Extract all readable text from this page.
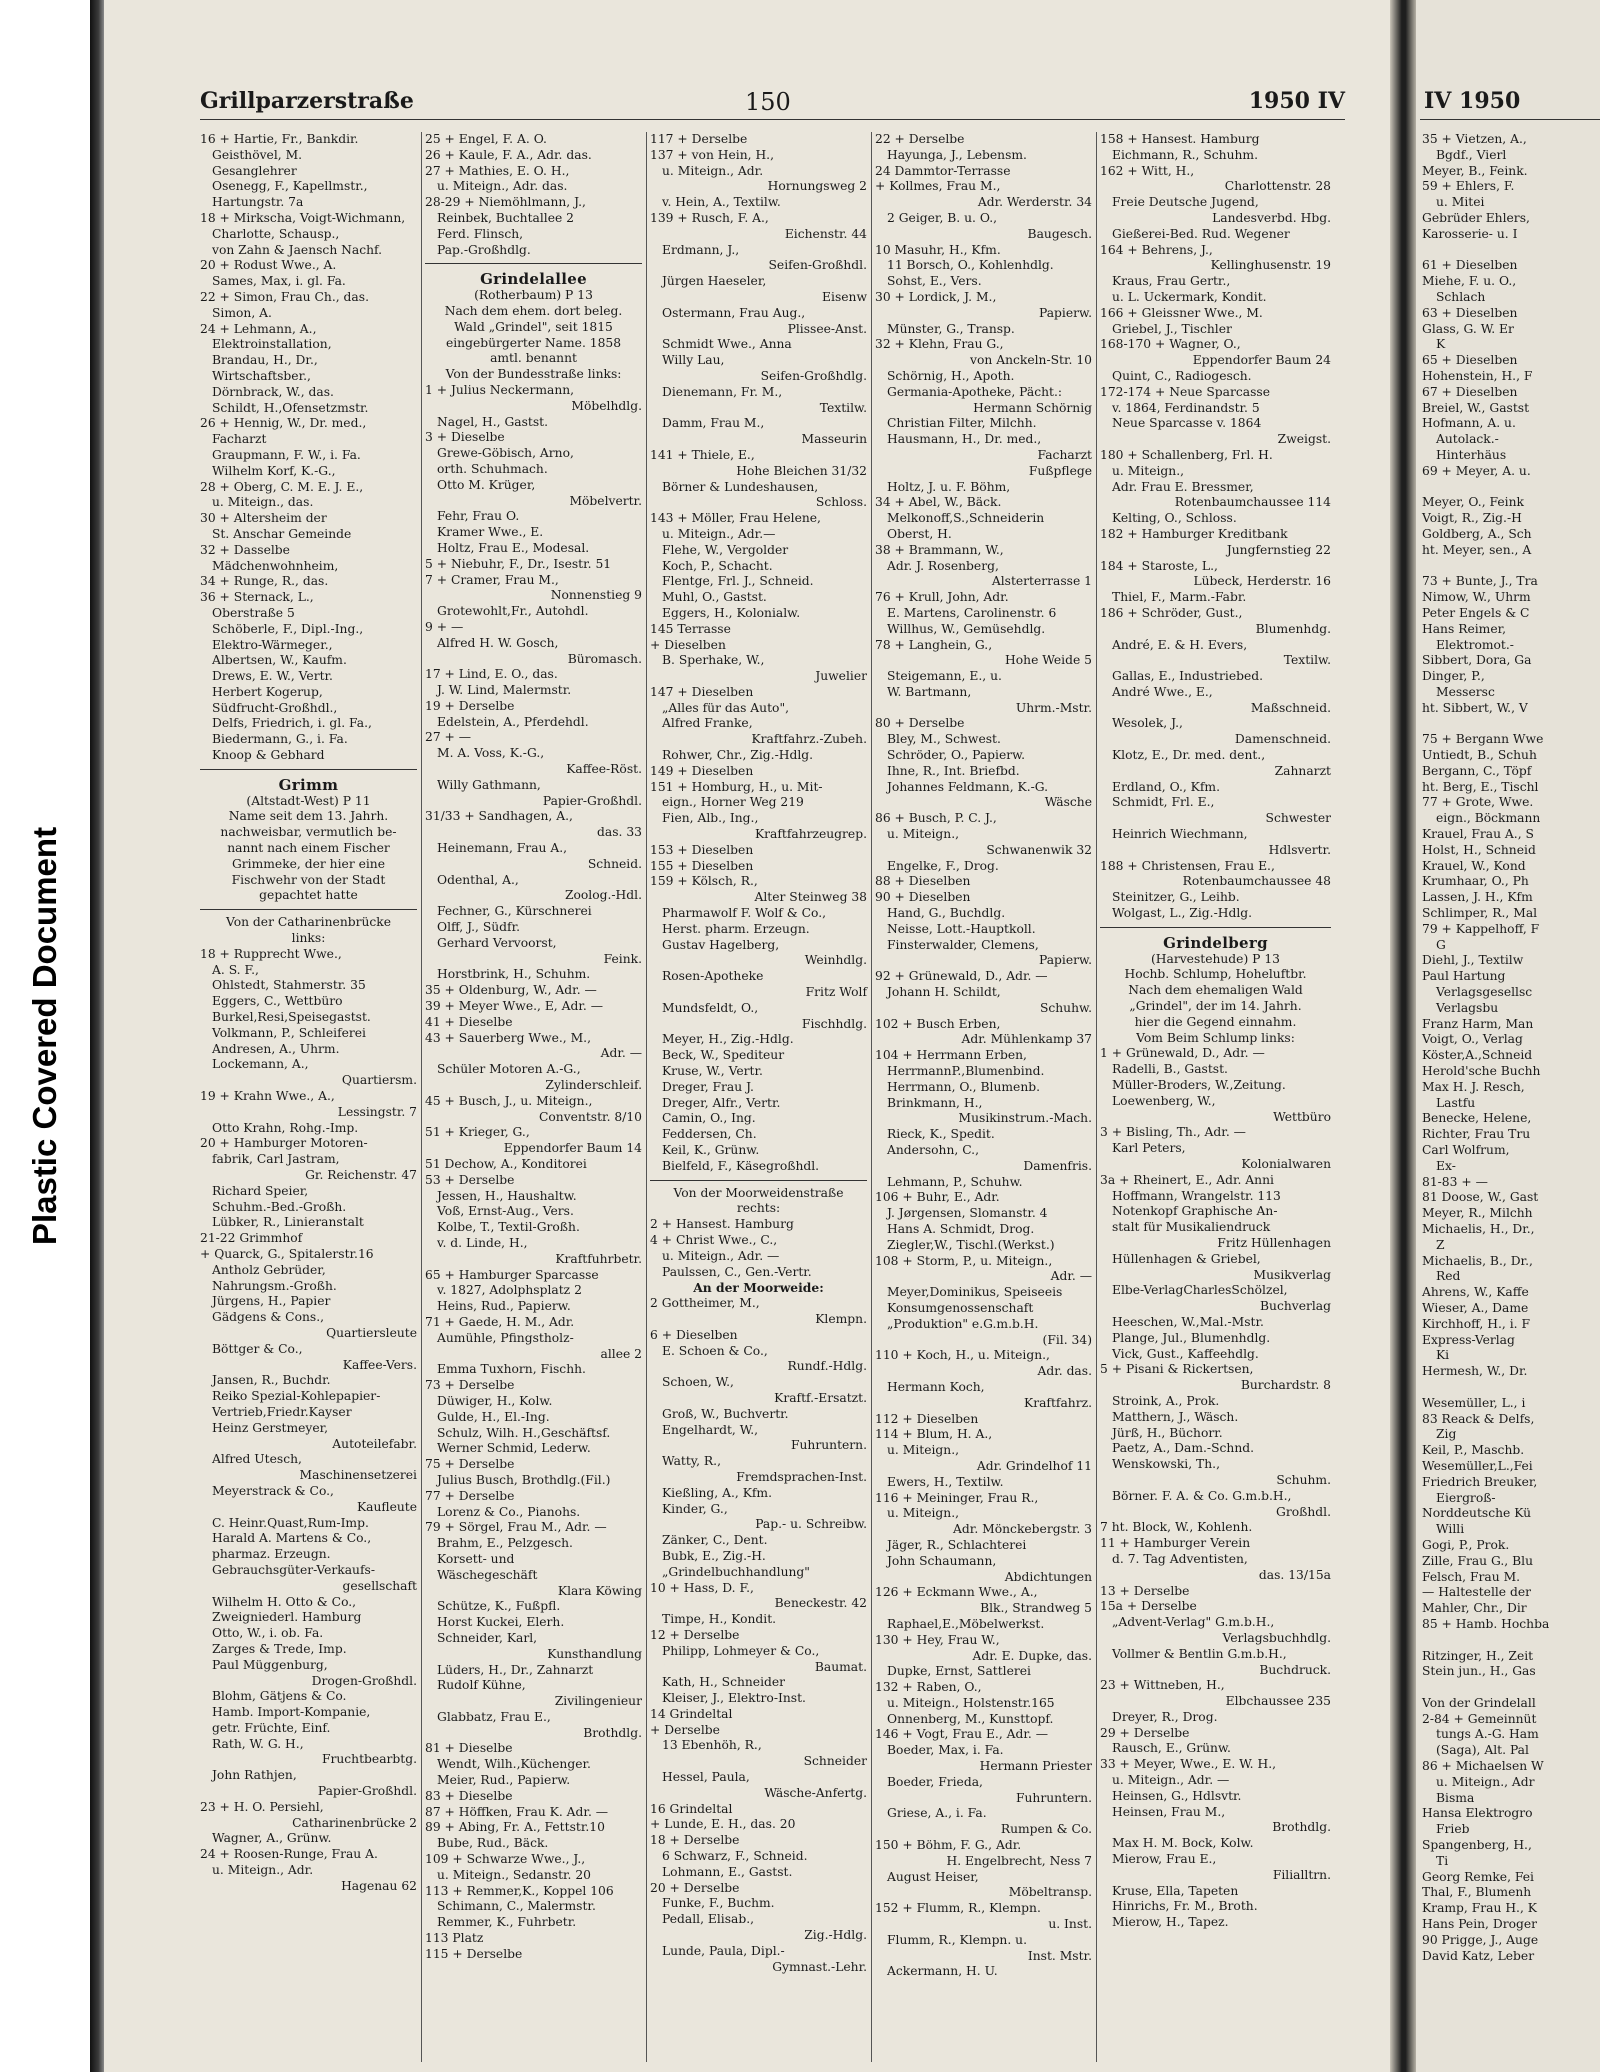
Plastic Covered Document
Grillparzerstraße	150	1950 IV
16 + Hartie, Fr., Bankdir.
Geisthövel, M.
Gesanglehrer
Osenegg, F., Kapellmstr.,
Hartungstr. 7a
18 + Mirkscha, Voigt-Wichmann,
Charlotte, Schausp.,
von Zahn & Jaensch Nachf.
20 + Rodust Wwe., A.
Sames, Max, i. gl. Fa.
22 + Simon, Frau Ch., das.
Simon, A.
24 + Lehmann, A.,
Elektroinstallation,
Brandau, H., Dr.,
Wirtschaftsber.,
Dörnbrack, W., das.
Schildt, H.,Ofensetzmstr.
26 + Hennig, W., Dr. med.,
Facharzt
Graupmann, F. W., i. Fa.
Wilhelm Korf, K.-G.,
28 + Oberg, C. M. E. J. E.,
u. Miteign., das.
30 + Altersheim der
St. Anschar Gemeinde
32 + Dasselbe
Mädchenwohnheim,
34 + Runge, R., das.
36 + Sternack, L.,
Oberstraße 5
Schöberle, F., Dipl.-Ing.,
Elektro-Wärmeger.,
Albertsen, W., Kaufm.
Drews, E. W., Vertr.
Herbert Kogerup,
Südfrucht-Großhdl.,
Delfs, Friedrich, i. gl. Fa.,
Biedermann, G., i. Fa.
Knoop & Gebhard
Grimm
(Altstadt-West) P 11
Name seit dem 13. Jahrh.
nachweisbar, vermutlich be-
nannt nach einem Fischer
Grimmeke, der hier eine
Fischwehr von der Stadt
gepachtet hatte
Von der Catharinenbrücke
links:
18 + Rupprecht Wwe.,
A. S. F.,
Ohlstedt, Stahmerstr. 35
Eggers, C., Wettbüro
Burkel,Resi,Speisegastst.
Volkmann, P., Schleiferei
Andresen, A., Uhrm.
Lockemann, A.,
Quartiersm.
19 + Krahn Wwe., A.,
Lessingstr. 7
Otto Krahn, Rohg.-Imp.
20 + Hamburger Motoren-
fabrik, Carl Jastram,
Gr. Reichenstr. 47
Richard Speier,
Schuhm.-Bed.-Großh.
Lübker, R., Linieranstalt
21-22 Grimmhof
+ Quarck, G., Spitalerstr.16
Antholz Gebrüder,
Nahrungsm.-Großh.
Jürgens, H., Papier
Gädgens & Cons.,
Quartiersleute
Böttger & Co.,
Kaffee-Vers.
Jansen, R., Buchdr.
Reiko Spezial-Kohlepapier-
Vertrieb,Friedr.Kayser
Heinz Gerstmeyer,
Autoteilefabr.
Alfred Utesch,
Maschinensetzerei
Meyerstrack & Co.,
Kaufleute
C. Heinr.Quast,Rum-Imp.
Harald A. Martens & Co.,
pharmaz. Erzeugn.
Gebrauchsgüter-Verkaufs-
gesellschaft
Wilhelm H. Otto & Co.,
Zweigniederl. Hamburg
Otto, W., i. ob. Fa.
Zarges & Trede, Imp.
Paul Müggenburg,
Drogen-Großhdl.
Blohm, Gätjens & Co.
Hamb. Import-Kompanie,
getr. Früchte, Einf.
Rath, W. G. H.,
Fruchtbearbtg.
John Rathjen,
Papier-Großhdl.
23 + H. O. Persiehl,
Catharinenbrücke 2
Wagner, A., Grünw.
24 + Roosen-Runge, Frau A.
u. Miteign., Adr.
Hagenau 62
25 + Engel, F. A. O.
26 + Kaule, F. A., Adr. das.
27 + Mathies, E. O. H.,
u. Miteign., Adr. das.
28-29 + Niemöhlmann, J.,
Reinbek, Buchtallee 2
Ferd. Flinsch,
Pap.-Großhdlg.
Grindelallee
(Rotherbaum) P 13
Nach dem ehem. dort beleg.
Wald „Grindel", seit 1815
eingebürgerter Name. 1858
amtl. benannt
Von der Bundesstraße links:
1 + Julius Neckermann,
Möbelhdlg.
Nagel, H., Gastst.
3 + Dieselbe
Grewe-Göbisch, Arno,
orth. Schuhmach.
Otto M. Krüger,
Möbelvertr.
Fehr, Frau O.
Kramer Wwe., E.
Holtz, Frau E., Modesal.
5 + Niebuhr, F., Dr., Isestr. 51
7 + Cramer, Frau M.,
Nonnenstieg 9
Grotewohlt,Fr., Autohdl.
9 + —
Alfred H. W. Gosch,
Büromasch.
17 + Lind, E. O., das.
J. W. Lind, Malermstr.
19 + Derselbe
Edelstein, A., Pferdehdl.
27 + —
M. A. Voss, K.-G.,
Kaffee-Röst.
Willy Gathmann,
Papier-Großhdl.
31/33 + Sandhagen, A.,
das. 33
Heinemann, Frau A.,
Schneid.
Odenthal, A.,
Zoolog.-Hdl.
Fechner, G., Kürschnerei
Olff, J., Südfr.
Gerhard Vervoorst,
Feink.
Horstbrink, H., Schuhm.
35 + Oldenburg, W., Adr. —
39 + Meyer Wwe., E, Adr. —
41 + Dieselbe
43 + Sauerberg Wwe., M.,
Adr. —
Schüler Motoren A.-G.,
Zylinderschleif.
45 + Busch, J., u. Miteign.,
Conventstr. 8/10
51 + Krieger, G.,
Eppendorfer Baum 14
51 Dechow, A., Konditorei
53 + Derselbe
Jessen, H., Haushaltw.
Voß, Ernst-Aug., Vers.
Kolbe, T., Textil-Großh.
v. d. Linde, H.,
Kraftfuhrbetr.
65 + Hamburger Sparcasse
v. 1827, Adolphsplatz 2
Heins, Rud., Papierw.
71 + Gaede, H. M., Adr.
Aumühle, Pfingstholz-
allee 2
Emma Tuxhorn, Fischh.
73 + Derselbe
Düwiger, H., Kolw.
Gulde, H., El.-Ing.
Schulz, Wilh. H.,Geschäftsf.
Werner Schmid, Lederw.
75 + Derselbe
Julius Busch, Brothdlg.(Fil.)
77 + Derselbe
Lorenz & Co., Pianohs.
79 + Sörgel, Frau M., Adr. —
Brahm, E., Pelzgesch.
Korsett- und
Wäschegeschäft
Klara Köwing
Schütze, K., Fußpfl.
Horst Kuckei, Elerh.
Schneider, Karl,
Kunsthandlung
Lüders, H., Dr., Zahnarzt
Rudolf Kühne,
Zivilingenieur
Glabbatz, Frau E.,
Brothdlg.
81 + Dieselbe
Wendt, Wilh.,Küchenger.
Meier, Rud., Papierw.
83 + Dieselbe
87 + Höffken, Frau K. Adr. —
89 + Abing, Fr. A., Fettstr.10
Bube, Rud., Bäck.
109 + Schwarze Wwe., J.,
u. Miteign., Sedanstr. 20
113 + Remmer,K., Koppel 106
Schimann, C., Malermstr.
Remmer, K., Fuhrbetr.
113 Platz
115 + Derselbe
117 + Derselbe
137 + von Hein, H.,
u. Miteign., Adr.
Hornungsweg 2
v. Hein, A., Textilw.
139 + Rusch, F. A.,
Eichenstr. 44
Erdmann, J.,
Seifen-Großhdl.
Jürgen Haeseler,
Eisenw
Ostermann, Frau Aug.,
Plissee-Anst.
Schmidt Wwe., Anna
Willy Lau,
Seifen-Großhdlg.
Dienemann, Fr. M.,
Textilw.
Damm, Frau M.,
Masseurin
141 + Thiele, E.,
Hohe Bleichen 31/32
Börner & Lundeshausen,
Schloss.
143 + Möller, Frau Helene,
u. Miteign., Adr.—
Flehe, W., Vergolder
Koch, P., Schacht.
Flentge, Frl. J., Schneid.
Muhl, O., Gastst.
Eggers, H., Kolonialw.
145 Terrasse
+ Dieselben
B. Sperhake, W.,
Juwelier
147 + Dieselben
„Alles für das Auto",
Alfred Franke,
Kraftfahrz.-Zubeh.
Rohwer, Chr., Zig.-Hdlg.
149 + Dieselben
151 + Homburg, H., u. Mit-
eign., Horner Weg 219
Fien, Alb., Ing.,
Kraftfahrzeugrep.
153 + Dieselben
155 + Dieselben
159 + Kölsch, R.,
Alter Steinweg 38
Pharmawolf F. Wolf & Co.,
Herst. pharm. Erzeugn.
Gustav Hagelberg,
Weinhdlg.
Rosen-Apotheke
Fritz Wolf
Mundsfeldt, O.,
Fischhdlg.
Meyer, H., Zig.-Hdlg.
Beck, W., Spediteur
Kruse, W., Vertr.
Dreger, Frau J.
Dreger, Alfr., Vertr.
Camin, O., Ing.
Feddersen, Ch.
Keil, K., Grünw.
Bielfeld, F., Käsegroßhdl.
Von der Moorweidenstraße
rechts:
2 + Hansest. Hamburg
4 + Christ Wwe., C.,
u. Miteign., Adr. —
Paulssen, C., Gen.-Vertr.
An der Moorweide:
2 Gottheimer, M.,
Klempn.
6 + Dieselben
E. Schoen & Co.,
Rundf.-Hdlg.
Schoen, W.,
Kraftf.-Ersatzt.
Groß, W., Buchvertr.
Engelhardt, W.,
Fuhruntern.
Watty, R.,
Fremdsprachen-Inst.
Kießling, A., Kfm.
Kinder, G.,
Pap.- u. Schreibw.
Zänker, C., Dent.
Bubk, E., Zig.-H.
„Grindelbuchhandlung"
10 + Hass, D. F.,
Beneckestr. 42
Timpe, H., Kondit.
12 + Derselbe
Philipp, Lohmeyer & Co.,
Baumat.
Kath, H., Schneider
Kleiser, J., Elektro-Inst.
14 Grindeltal
+ Derselbe
13 Ebenhöh, R.,
Schneider
Hessel, Paula,
Wäsche-Anfertg.
16 Grindeltal
+ Lunde, E. H., das. 20
18 + Derselbe
6 Schwarz, F., Schneid.
Lohmann, E., Gastst.
20 + Derselbe
Funke, F., Buchm.
Pedall, Elisab.,
Zig.-Hdlg.
Lunde, Paula, Dipl.-
Gymnast.-Lehr.
22 + Derselbe
Hayunga, J., Lebensm.
24 Dammtor-Terrasse
+ Kollmes, Frau M.,
Adr. Werderstr. 34
2 Geiger, B. u. O.,
Baugesch.
10 Masuhr, H., Kfm.
11 Borsch, O., Kohlenhdlg.
Sohst, E., Vers.
30 + Lordick, J. M.,
Papierw.
Münster, G., Transp.
32 + Klehn, Frau G.,
von Anckeln-Str. 10
Schörnig, H., Apoth.
Germania-Apotheke, Pächt.:
Hermann Schörnig
Christian Filter, Milchh.
Hausmann, H., Dr. med.,
Facharzt
Fußpflege
Holtz, J. u. F. Böhm,
34 + Abel, W., Bäck.
Melkonoff,S.,Schneiderin
Oberst, H.
38 + Brammann, W.,
Adr. J. Rosenberg,
Alsterterrasse 1
76 + Krull, John, Adr.
E. Martens, Carolinenstr. 6
Willhus, W., Gemüsehdlg.
78 + Langhein, G.,
Hohe Weide 5
Steigemann, E., u.
W. Bartmann,
Uhrm.-Mstr.
80 + Derselbe
Bley, M., Schwest.
Schröder, O., Papierw.
Ihne, R., Int. Briefbd.
Johannes Feldmann, K.-G.
Wäsche
86 + Busch, P. C. J.,
u. Miteign.,
Schwanenwik 32
Engelke, F., Drog.
88 + Dieselben
90 + Dieselben
Hand, G., Buchdlg.
Neisse, Lott.-Hauptkoll.
Finsterwalder, Clemens,
Papierw.
92 + Grünewald, D., Adr. —
Johann H. Schildt,
Schuhw.
102 + Busch Erben,
Adr. Mühlenkamp 37
104 + Herrmann Erben,
HerrmannP.,Blumenbind.
Herrmann, O., Blumenb.
Brinkmann, H.,
Musikinstrum.-Mach.
Rieck, K., Spedit.
Andersohn, C.,
Damenfris.
Lehmann, P., Schuhw.
106 + Buhr, E., Adr.
J. Jørgensen, Slomanstr. 4
Hans A. Schmidt, Drog.
Ziegler,W., Tischl.(Werkst.)
108 + Storm, P., u. Miteign.,
Adr. —
Meyer,Dominikus, Speiseeis
Konsumgenossenschaft
„Produktion" e.G.m.b.H.
(Fil. 34)
110 + Koch, H., u. Miteign.,
Adr. das.
Hermann Koch,
Kraftfahrz.
112 + Dieselben
114 + Blum, H. A.,
u. Miteign.,
Adr. Grindelhof 11
Ewers, H., Textilw.
116 + Meininger, Frau R.,
u. Miteign.,
Adr. Mönckebergstr. 3
Jäger, R., Schlachterei
John Schaumann,
Abdichtungen
126 + Eckmann Wwe., A.,
Blk., Strandweg 5
Raphael,E.,Möbelwerkst.
130 + Hey, Frau W.,
Adr. E. Dupke, das.
Dupke, Ernst, Sattlerei
132 + Raben, O.,
u. Miteign., Holstenstr.165
Onnenberg, M., Kunsttopf.
146 + Vogt, Frau E., Adr. —
Boeder, Max, i. Fa.
Hermann Priester
Boeder, Frieda,
Fuhruntern.
Griese, A., i. Fa.
Rumpen & Co.
150 + Böhm, F. G., Adr.
H. Engelbrecht, Ness 7
August Heiser,
Möbeltransp.
152 + Flumm, R., Klempn.
u. Inst.
Flumm, R., Klempn. u.
Inst. Mstr.
Ackermann, H. U.
158 + Hansest. Hamburg
Eichmann, R., Schuhm.
162 + Witt, H.,
Charlottenstr. 28
Freie Deutsche Jugend,
Landesverbd. Hbg.
Gießerei-Bed. Rud. Wegener
164 + Behrens, J.,
Kellinghusenstr. 19
Kraus, Frau Gertr.,
u. L. Uckermark, Kondit.
166 + Gleissner Wwe., M.
Griebel, J., Tischler
168-170 + Wagner, O.,
Eppendorfer Baum 24
Quint, C., Radiogesch.
172-174 + Neue Sparcasse
v. 1864, Ferdinandstr. 5
Neue Sparcasse v. 1864
Zweigst.
180 + Schallenberg, Frl. H.
u. Miteign.,
Adr. Frau E. Bressmer,
Rotenbaumchaussee 114
Kelting, O., Schloss.
182 + Hamburger Kreditbank
Jungfernstieg 22
184 + Staroste, L.,
Lübeck, Herderstr. 16
Thiel, F., Marm.-Fabr.
186 + Schröder, Gust.,
Blumenhdg.
André, E. & H. Evers,
Textilw.
Gallas, E., Industriebed.
André Wwe., E.,
Maßschneid.
Wesolek, J.,
Damenschneid.
Klotz, E., Dr. med. dent.,
Zahnarzt
Erdland, O., Kfm.
Schmidt, Frl. E.,
Schwester
Heinrich Wiechmann,
Hdlsvertr.
188 + Christensen, Frau E.,
Rotenbaumchaussee 48
Steinitzer, G., Leihb.
Wolgast, L., Zig.-Hdlg.
Grindelberg
(Harvestehude) P 13
Hochb. Schlump, Hoheluftbr.
Nach dem ehemaligen Wald
„Grindel", der im 14. Jahrh.
hier die Gegend einnahm.
Vom Beim Schlump links:
1 + Grünewald, D., Adr. —
Radelli, B., Gastst.
Müller-Broders, W.,Zeitung.
Loewenberg, W.,
Wettbüro
3 + Bisling, Th., Adr. —
Karl Peters,
Kolonialwaren
3a + Rheinert, E., Adr. Anni
Hoffmann, Wrangelstr. 113
Notenkopf Graphische An-
stalt für Musikaliendruck
Fritz Hüllenhagen
Hüllenhagen & Griebel,
Musikverlag
Elbe-VerlagCharlesSchölzel,
Buchverlag
Heeschen, W.,Mal.-Mstr.
Plange, Jul., Blumenhdlg.
Vick, Gust., Kaffeehdlg.
5 + Pisani & Rickertsen,
Burchardstr. 8
Stroink, A., Prok.
Matthern, J., Wäsch.
Jürß, H., Büchorr.
Paetz, A., Dam.-Schnd.
Wenskowski, Th.,
Schuhm.
Börner. F. A. & Co. G.m.b.H.,
Großhdl.
7 ht. Block, W., Kohlenh.
11 + Hamburger Verein
d. 7. Tag Adventisten,
das. 13/15a
13 + Derselbe
15a + Derselbe
„Advent-Verlag" G.m.b.H.,
Verlagsbuchhdlg.
Vollmer & Bentlin G.m.b.H.,
Buchdruck.
23 + Wittneben, H.,
Elbchaussee 235
Dreyer, R., Drog.
29 + Derselbe
Rausch, E., Grünw.
33 + Meyer, Wwe., E. W. H.,
u. Miteign., Adr. —
Heinsen, G., Hdlsvtr.
Heinsen, Frau M.,
Brothdlg.
Max H. M. Bock, Kolw.
Mierow, Frau E.,
Filialltrn.
Kruse, Ella, Tapeten
Hinrichs, Fr. M., Broth.
Mierow, H., Tapez.
IV 1950
35 + Vietzen, A.,
Bgdf., Vierl
Meyer, B., Feink.
59 + Ehlers, F.
u. Mitei
Gebrüder Ehlers,
Karosserie- u. I

61 + Dieselben
Miehe, F. u. O.,
Schlach
63 + Dieselben
Glass, G. W. Er
K
65 + Dieselben
Hohenstein, H., F
67 + Dieselben
Breiel, W., Gastst
Hofmann, A. u.
Autolack.-
Hinterhäus
69 + Meyer, A. u.

Meyer, O., Feink
Voigt, R., Zig.-H
Goldberg, A., Sch
ht. Meyer, sen., A

73 + Bunte, J., Tra
Nimow, W., Uhrm
Peter Engels & C
Hans Reimer,
Elektromot.-
Sibbert, Dora, Ga
Dinger, P.,
Messersc
ht. Sibbert, W., V

75 + Bergann Wwe
Untiedt, B., Schuh
Bergann, C., Töpf
ht. Berg, E., Tischl
77 + Grote, Wwe.
eign., Böckmann
Krauel, Frau A., S
Holst, H., Schneid
Krauel, W., Kond
Krumhaar, O., Ph
Lassen, J. H., Kfm
Schlimper, R., Mal
79 + Kappelhoff, F
G
Diehl, J., Textilw
Paul Hartung
Verlagsgesellsc
Verlagsbu
Franz Harm, Man
Voigt, O., Verlag
Köster,A.,Schneid
Herold'sche Buchh
Max H. J. Resch,
Lastfu
Benecke, Helene,
Richter, Frau Tru
Carl Wolfrum,
Ex-
81-83 + —
81 Doose, W., Gast
Meyer, R., Milchh
Michaelis, H., Dr.,
Z
Michaelis, B., Dr.,
Red
Ahrens, W., Kaffe
Wieser, A., Dame
Kirchhoff, H., i. F
Express-Verlag
Ki
Hermesh, W., Dr.

Wesemüller, L., i
83 Reack & Delfs,
Zig
Keil, P., Maschb.
Wesemüller,L.,Fei
Friedrich Breuker,
Eiergroß-
Norddeutsche Kü
Willi
Gogi, P., Prok.
Zille, Frau G., Blu
Felsch, Frau M.
— Haltestelle der
Mahler, Chr., Dir
85 + Hamb. Hochba

Ritzinger, H., Zeit
Stein jun., H., Gas

Von der Grindelall
2-84 + Gemeinnüt
tungs A.-G. Ham
(Saga), Alt. Pal
86 + Michaelsen W
u. Miteign., Adr
Bisma
Hansa Elektrogro
Frieb
Spangenberg, H.,
Ti
Georg Remke, Fei
Thal, F., Blumenh
Kramp, Frau H., K
Hans Pein, Droger
90 Prigge, J., Auge
David Katz, Leber
